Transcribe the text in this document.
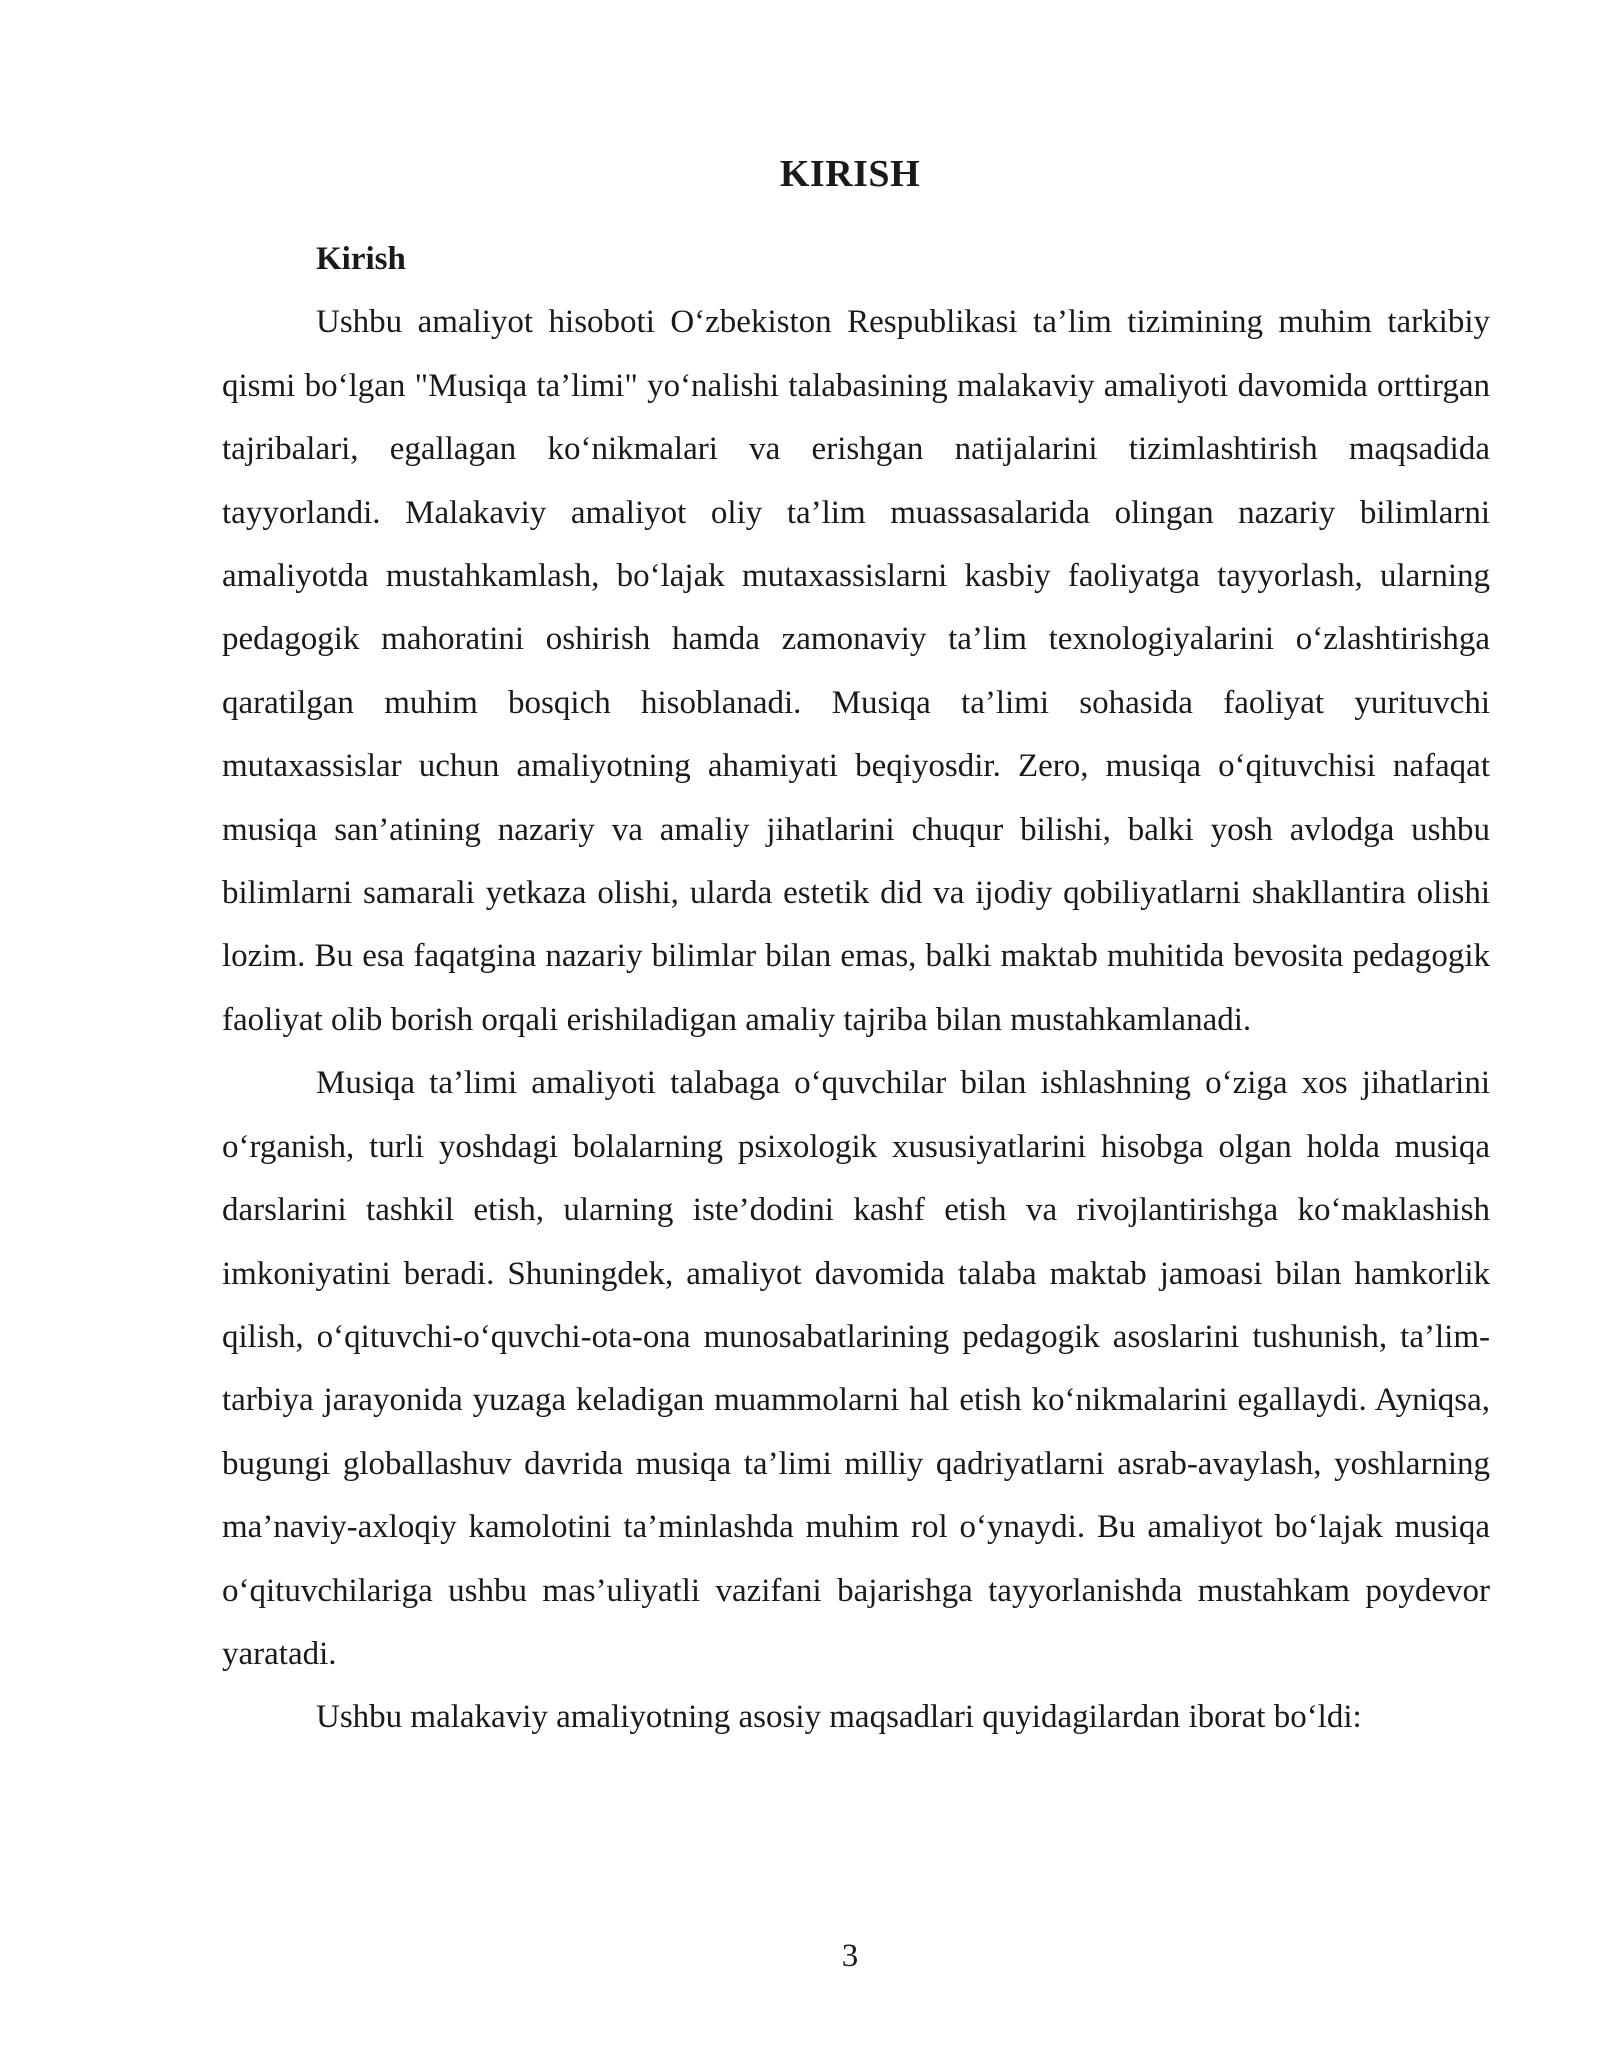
KIRISH

Kirish

Ushbu amaliyot hisoboti O‘zbekiston Respublikasi ta’lim tizimining muhim tarkibiy qismi bo‘lgan "Musiqa ta’limi" yo‘nalishi talabasining malakaviy amaliyoti davomida orttirgan tajribalari, egallagan ko‘nikmalari va erishgan natijalarini tizimlashtirish maqsadida tayyorlandi. Malakaviy amaliyot oliy ta’lim muassasalarida olingan nazariy bilimlarni amaliyotda mustahkamlash, bo‘lajak mutaxassislarni kasbiy faoliyatga tayyorlash, ularning pedagogik mahoratini oshirish hamda zamonaviy ta’lim texnologiyalarini o‘zlashtirishga qaratilgan muhim bosqich hisoblanadi. Musiqa ta’limi sohasida faoliyat yurituvchi mutaxassislar uchun amaliyotning ahamiyati beqiyosdir. Zero, musiqa o‘qituvchisi nafaqat musiqa san’atining nazariy va amaliy jihatlarini chuqur bilishi, balki yosh avlodga ushbu bilimlarni samarali yetkaza olishi, ularda estetik did va ijodiy qobiliyatlarni shakllantira olishi lozim. Bu esa faqatgina nazariy bilimlar bilan emas, balki maktab muhitida bevosita pedagogik faoliyat olib borish orqali erishiladigan amaliy tajriba bilan mustahkamlanadi.

Musiqa ta’limi amaliyoti talabaga o‘quvchilar bilan ishlashning o‘ziga xos jihatlarini o‘rganish, turli yoshdagi bolalarning psixologik xususiyatlarini hisobga olgan holda musiqa darslarini tashkil etish, ularning iste’dodini kashf etish va rivojlantirishga ko‘maklashish imkoniyatini beradi. Shuningdek, amaliyot davomida talaba maktab jamoasi bilan hamkorlik qilish, o‘qituvchi-o‘quvchi-ota-ona munosabatlarining pedagogik asoslarini tushunish, ta’lim-tarbiya jarayonida yuzaga keladigan muammolarni hal etish ko‘nikmalarini egallaydi. Ayniqsa, bugungi globallashuv davrida musiqa ta’limi milliy qadriyatlarni asrab-avaylash, yoshlarning ma’naviy-axloqiy kamolotini ta’minlashda muhim rol o‘ynaydi. Bu amaliyot bo‘lajak musiqa o‘qituvchilariga ushbu mas’uliyatli vazifani bajarishga tayyorlanishda mustahkam poydevor yaratadi.

Ushbu malakaviy amaliyotning asosiy maqsadlari quyidagilardan iborat bo‘ldi:

3
